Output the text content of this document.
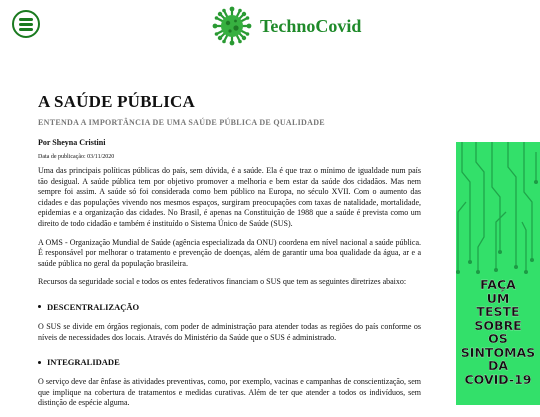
TechnoCovid
A SAÚDE PÚBLICA
ENTENDA A IMPORTÂNCIA DE UMA SAÚDE PÚBLICA DE QUALIDADE
Por Sheyna Cristini
Data de publicação: 03/11/2020

Uma das principais políticas públicas do país, sem dúvida, é a saúde. Ela é que traz o mínimo de igualdade num país tão desigual. A saúde pública tem por objetivo promover a melhoria e bem estar da saúde dos cidadãos. Mas nem sempre foi assim. A saúde só foi considerada como bem público na Europa, no século XVII. Com o aumento das cidades e das populações vivendo nos mesmos espaços, surgiram preocupações com taxas de natalidade, mortalidade, epidemias e a organização das cidades. No Brasil, é apenas na Constituição de 1988 que a saúde é prevista como um direito de todo cidadão e também é instituído o Sistema Único de Saúde (SUS).

A OMS - Organização Mundial de Saúde (agência especializada da ONU) coordena em nível nacional a saúde pública. É responsável por melhorar o tratamento e prevenção de doenças, além de garantir uma boa qualidade da água, ar e a saúde pública no geral da população brasileira.

Recursos da seguridade social e todos os entes federativos financiam o SUS que tem as seguintes diretrizes abaixo:

DESCENTRALIZAÇÃO

O SUS se divide em órgãos regionais, com poder de administração para atender todas as regiões do país conforme os níveis de necessidades dos locais. Através do Ministério da Saúde que o SUS é administrado.

INTEGRALIDADE

O serviço deve dar ênfase às atividades preventivas, como, por exemplo, vacinas e campanhas de conscientização, sem que implique na cobertura de tratamentos e medidas curativas. Além de ter que atender a todos os indivíduos, sem distinção de espécie alguma.

FAÇA
UM
TESTE
SOBRE
OS
SINTOMAS
DA
COVID-19
